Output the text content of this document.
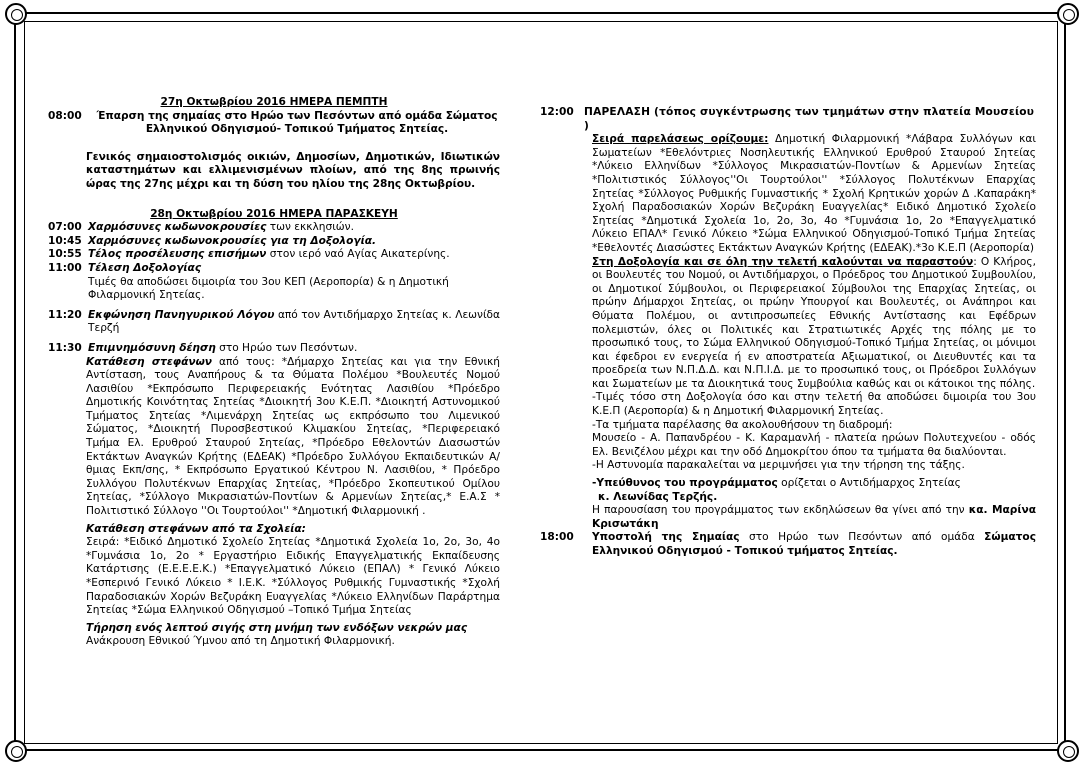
27η Οκτωβρίου 2016 ΗΜΕΡΑ ΠΕΜΠΤΗ

08:00	Έπαρση της σημαίας στο Ηρώο των Πεσόντων από ομάδα Σώματος Ελληνικού Οδηγισμού- Τοπικού Τμήματος Σητείας.

Γενικός σημαιοστολισμός οικιών, Δημοσίων, Δημοτικών, Ιδιωτικών καταστημάτων και ελλιμενισμένων πλοίων, από της 8ης πρωινής ώρας της 27ης μέχρι και τη δύση του ηλίου της 28ης Οκτωβρίου.

28η Οκτωβρίου 2016 ΗΜΕΡΑ ΠΑΡΑΣΚΕΥΗ

07:00 Χαρμόσυνες κωδωνοκρουσίες των εκκλησιών.
10:45 Χαρμόσυνες κωδωνοκρουσίες για τη Δοξολογία.
10:55 Τέλος προσέλευσης επισήμων στον ιερό ναό Αγίας Αικατερίνης.
11:00 Τέλεση Δοξολογίας

Τιμές θα αποδώσει διμοιρία του 3ου ΚΕΠ (Αεροπορία) & η Δημοτική Φιλαρμονική Σητείας.

11:20 Εκφώνηση Πανηγυρικού Λόγου από τον Αντιδήμαρχο Σητείας κ. Λεωνίδα Τερζή
11:30 Επιμνημόσυνη δέηση στο Ηρώο των Πεσόντων.

Κατάθεση στεφάνων από τους: *Δήμαρχο Σητείας και για την Εθνική Αντίσταση, τους Αναπήρους & τα Θύματα Πολέμου *Βουλευτές Νομού Λασιθίου *Εκπρόσωπο Περιφερειακής Ενότητας Λασιθίου *Πρόεδρο Δημοτικής Κοινότητας Σητείας *Διοικητή 3ου Κ.Ε.Π. *Διοικητή Αστυνομικού Τμήματος Σητείας *Λιμενάρχη Σητείας ως εκπρόσωπο του Λιμενικού Σώματος, *Διοικητή Πυροσβεστικού Κλιμακίου Σητείας, *Περιφερειακό Τμήμα Ελ. Ερυθρού Σταυρού Σητείας, *Πρόεδρο Εθελοντών Διασωστών Εκτάκτων Αναγκών Κρήτης (ΕΔΕΑΚ) *Πρόεδρο Συλλόγου Εκπαιδευτικών Α/θμιας Εκπ/σης, * Εκπρόσωπο Εργατικού Κέντρου Ν. Λασιθίου, * Πρόεδρο Συλλόγου Πολυτέκνων Επαρχίας Σητείας, *Πρόεδρο Σκοπευτικού Ομίλου Σητείας, *Σύλλογο Μικρασιατών-Ποντίων & Αρμενίων Σητείας,* Ε.Α.Σ * Πολιτιστικό Σύλλογο ''Οι Τουρτούλοι'' *Δημοτική Φιλαρμονική .

Κατάθεση στεφάνων από τα Σχολεία:

Σειρά: *Ειδικό Δημοτικό Σχολείο Σητείας *Δημοτικά Σχολεία 1ο, 2ο, 3ο, 4ο *Γυμνάσια 1ο, 2ο * Εργαστήριο Ειδικής Επαγγελματικής Εκπαίδευσης Κατάρτισης (Ε.Ε.Ε.Ε.Κ.) *Επαγγελματικό Λύκειο (ΕΠΑΛ) * Γενικό Λύκειο *Εσπερινό Γενικό Λύκειο * Ι.Ε.Κ. *Σύλλογος Ρυθμικής Γυμναστικής *Σχολή Παραδοσιακών Χορών Βεζυράκη Ευαγγελίας *Λύκειο Ελληνίδων Παράρτημα Σητείας *Σώμα Ελληνικού Οδηγισμού –Τοπικό Τμήμα Σητείας

Τήρηση ενός λεπτού σιγής στη μνήμη των ενδόξων νεκρών μας

Ανάκρουση Εθνικού Ύμνου από τη Δημοτική Φιλαρμονική.

12:00 ΠΑΡΕΛΑΣΗ (τόπος συγκέντρωσης των τμημάτων στην πλατεία Μουσείου )

Σειρά παρελάσεως ορίζουμε: Δημοτική Φιλαρμονική *Λάβαρα Συλλόγων και Σωματείων *Εθελόντριες Νοσηλευτικής Ελληνικού Ερυθρού Σταυρού Σητείας *Λύκειο Ελληνίδων *Σύλλογος Μικρασιατών-Ποντίων & Αρμενίων Σητείας *Πολιτιστικός Σύλλογος''Οι Τουρτούλοι'' *Σύλλογος Πολυτέκνων Επαρχίας Σητείας *Σύλλογος Ρυθμικής Γυμναστικής * Σχολή Κρητικών χορών Δ .Καπαράκη* Σχολή Παραδοσιακών Χορών Βεζυράκη Ευαγγελίας* Ειδικό Δημοτικό Σχολείο Σητείας *Δημοτικά Σχολεία 1ο, 2ο, 3ο, 4ο *Γυμνάσια 1ο, 2ο *Επαγγελματικό Λύκειο ΕΠΑΛ* Γενικό Λύκειο *Σώμα Ελληνικού Οδηγισμού-Τοπικό Τμήμα Σητείας *Εθελοντές Διασώστες Εκτάκτων Αναγκών Κρήτης (ΕΔΕΑΚ).*3ο Κ.Ε.Π (Αεροπορία)

Στη Δοξολογία και σε όλη την τελετή καλούνται να παραστούν: Ο Κλήρος, οι Βουλευτές του Νομού, οι Αντιδήμαρχοι, ο Πρόεδρος του Δημοτικού Συμβουλίου, οι Δημοτικοί Σύμβουλοι, οι Περιφερειακοί Σύμβουλοι της Επαρχίας Σητείας, οι πρώην Δήμαρχοι Σητείας, οι πρώην Υπουργοί και Βουλευτές, οι Ανάπηροι και Θύματα Πολέμου, οι αντιπροσωπείες Εθνικής Αντίστασης και Εφέδρων πολεμιστών, όλες οι Πολιτικές και Στρατιωτικές Αρχές της πόλης με το προσωπικό τους, το Σώμα Ελληνικού Οδηγισμού-Τοπικό Τμήμα Σητείας, οι μόνιμοι και έφεδροι εν ενεργεία ή εν αποστρατεία Αξιωματικοί, οι Διευθυντές και τα προεδρεία των Ν.Π.Δ.Δ. και Ν.Π.Ι.Δ. με το προσωπικό τους, οι Πρόεδροι Συλλόγων και Σωματείων με τα Διοικητικά τους Συμβούλια καθώς και οι κάτοικοι της πόλης.

-Τιμές τόσο στη Δοξολογία όσο και στην τελετή θα αποδώσει διμοιρία του 3ου Κ.Ε.Π (Αεροπορία) & η Δημοτική Φιλαρμονική Σητείας.

-Τα τμήματα παρέλασης θα ακολουθήσουν τη διαδρομή:

Μουσείο - Α. Παπανδρέου - Κ. Καραμανλή - πλατεία ηρώων Πολυτεχνείου - οδός Ελ. Βενιζέλου μέχρι και την οδό Δημοκρίτου όπου τα τμήματα θα διαλύονται.

-Η Αστυνομία παρακαλείται να μεριμνήσει για την τήρηση της τάξης.

-Υπεύθυνος του προγράμματος ορίζεται ο Αντιδήμαρχος Σητείας

κ. Λεωνίδας Τερζής.

Η παρουσίαση του προγράμματος των εκδηλώσεων θα γίνει από την κα. Μαρίνα Κρισωτάκη

18:00	Υποστολή της Σημαίας στο Ηρώο των Πεσόντων από ομάδα Σώματος Ελληνικού Οδηγισμού - Τοπικού τμήματος Σητείας.
